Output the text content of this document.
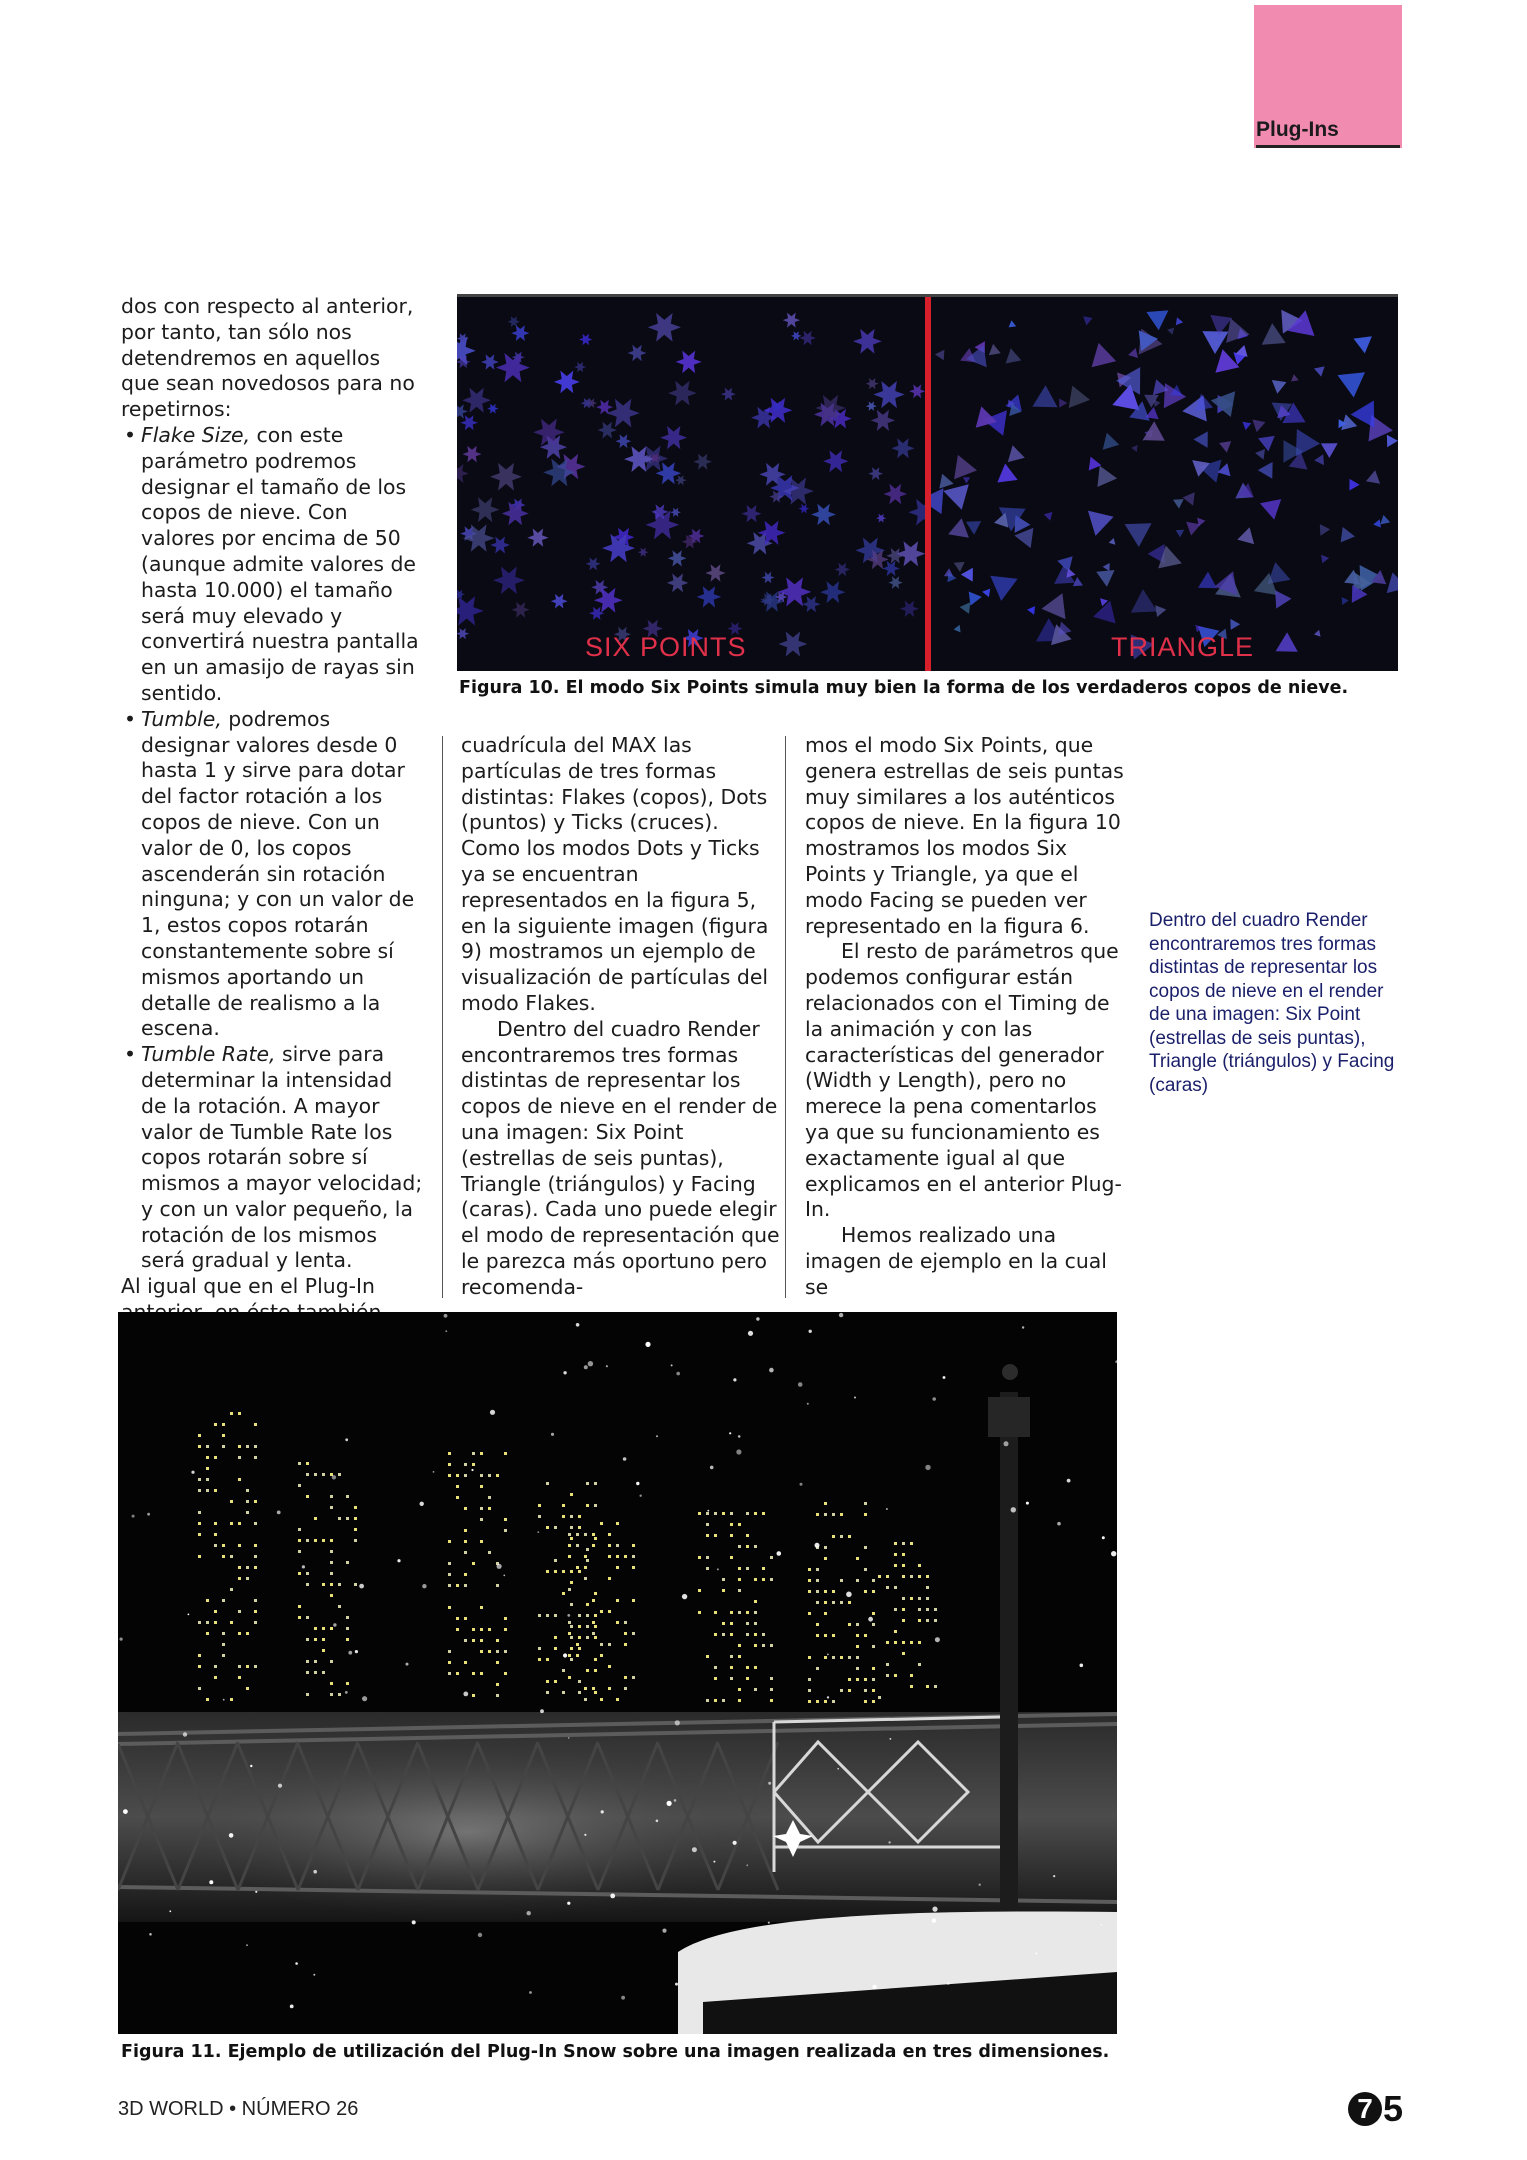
Plug-Ins

dos con respecto al anterior, por tanto, tan sólo nos detendremos en aquellos que sean novedosos para no repetirnos:

• Flake Size, con este parámetro podremos designar el tamaño de los copos de nieve. Con valores por encima de 50 (aunque admite valores de hasta 10.000) el tamaño será muy elevado y convertirá nuestra pantalla en un amasijo de rayas sin sentido.

• Tumble, podremos designar valores desde 0 hasta 1 y sirve para dotar del factor rotación a los copos de nieve. Con un valor de 0, los copos ascenderán sin rotación ninguna; y con un valor de 1, estos copos rotarán constantemente sobre sí mismos aportando un detalle de realismo a la escena.

• Tumble Rate, sirve para determinar la intensidad de la rotación. A mayor valor de Tumble Rate los copos rotarán sobre sí mismos a mayor velocidad; y con un valor pequeño, la rotación de los mismos será gradual y lenta.

Al igual que en el Plug-In

cuadrícula del MAX las partículas de tres formas distintas: Flakes (copos), Dots (puntos) y Ticks (cruces). Como los modos Dots y Ticks ya se encuentran representados en la figura 5, en la siguiente imagen (figura 9) mostramos un ejemplo de visualización de partículas del modo Flakes.

Dentro del cuadro Render encontraremos tres formas distintas de representar los copos de nieve en el render de una imagen: Six Point (estrellas de seis puntas), Triangle (triángulos) y Facing (caras). Cada uno puede elegir el modo de representación que le parezca más oportuno pero recomenda-

mos el modo Six Points, que genera estrellas de seis puntas muy similares a los auténticos copos de nieve. En la figura 10 mostramos los modos Six Points y Triangle, ya que el modo Facing se pueden ver representado en la figura 6.

El resto de parámetros que podemos configurar están relacionados con el Timing de la animación y con las características del generador (Width y Length), pero no merece la pena comentarlos ya que su funcionamiento es exactamente igual al que explicamos en el anterior Plug-In.

Hemos realizado una imagen de ejemplo en la cual se

SIX POINTS	TRIANGLE
Figura 10. El modo Six Points simula muy bien la forma de los verdaderos copos de nieve.
Dentro del cuadro Render encontraremos tres formas distintas de representar los copos de nieve en el render de una imagen: Six Point (estrellas de seis puntas), Triangle (triángulos) y Facing (caras)
Figura 11. Ejemplo de utilización del Plug-In Snow sobre una imagen realizada en tres dimensiones.
3D WORLD • NÚMERO 26	7 5
